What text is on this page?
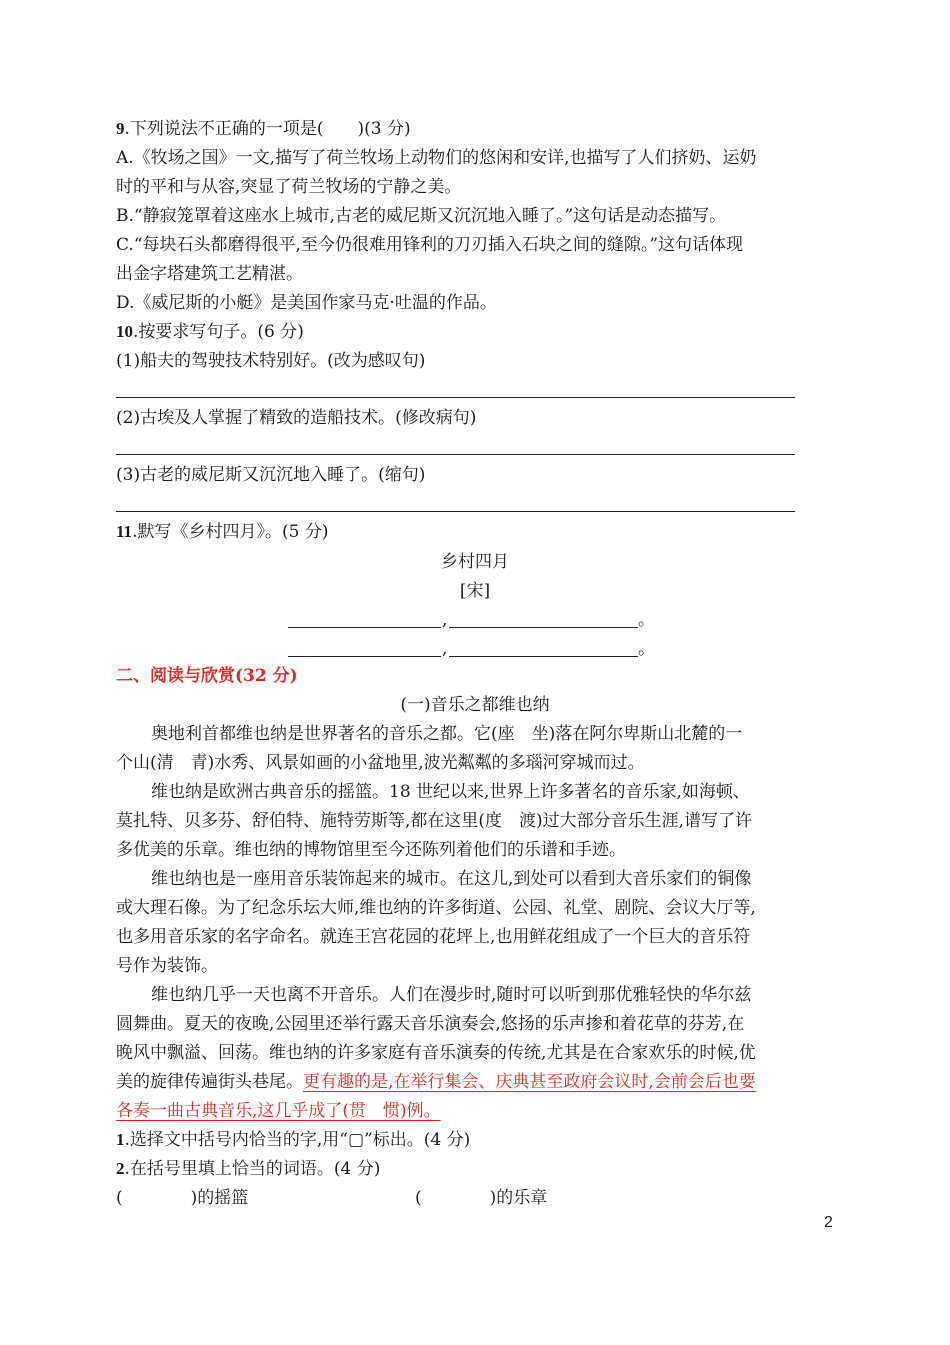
9.下列说法不正确的一项是(　　)(3 分)
A.《牧场之国》一文,描写了荷兰牧场上动物们的悠闲和安详,也描写了人们挤奶、运奶
时的平和与从容,突显了荷兰牧场的宁静之美。
B.“静寂笼罩着这座水上城市,古老的威尼斯又沉沉地入睡了。”这句话是动态描写。
C.“每块石头都磨得很平,至今仍很难用锋利的刀刃插入石块之间的缝隙。”这句话体现
出金字塔建筑工艺精湛。
D.《威尼斯的小艇》是美国作家马克·吐温的作品。
10.按要求写句子。(6 分)
(1)船夫的驾驶技术特别好。(改为感叹句)
(2)古埃及人掌握了精致的造船技术。(修改病句)
(3)古老的威尼斯又沉沉地入睡了。(缩句)
11.默写《乡村四月》。(5 分)
乡村四月
[宋]
,	。
,	。
二、阅读与欣赏(32 分)
(一)音乐之都维也纳
奥地利首都维也纳是世界著名的音乐之都。它(座　坐)落在阿尔卑斯山北麓的一
个山(清　青)水秀、风景如画的小盆地里,波光粼粼的多瑙河穿城而过。
维也纳是欧洲古典音乐的摇篮。18 世纪以来,世界上许多著名的音乐家,如海顿、
莫扎特、贝多芬、舒伯特、施特劳斯等,都在这里(度　渡)过大部分音乐生涯,谱写了许
多优美的乐章。维也纳的博物馆里至今还陈列着他们的乐谱和手迹。
维也纳也是一座用音乐装饰起来的城市。在这儿,到处可以看到大音乐家们的铜像
或大理石像。为了纪念乐坛大师,维也纳的许多街道、公园、礼堂、剧院、会议大厅等,
也多用音乐家的名字命名。就连王宫花园的花坪上,也用鲜花组成了一个巨大的音乐符
号作为装饰。
维也纳几乎一天也离不开音乐。人们在漫步时,随时可以听到那优雅轻快的华尔兹
圆舞曲。夏天的夜晚,公园里还举行露天音乐演奏会,悠扬的乐声掺和着花草的芬芳,在
晚风中飘溢、回荡。维也纳的许多家庭有音乐演奏的传统,尤其是在合家欢乐的时候,优
美的旋律传遍街头巷尾。更有趣的是,在举行集会、庆典甚至政府会议时,会前会后也要
各奏一曲古典音乐,这几乎成了(贯　惯)例。
1.选择文中括号内恰当的字,用“▢”标出。(4 分)
2.在括号里填上恰当的词语。(4 分)
(　　　　)的摇篮	(　　　　)的乐章
2
